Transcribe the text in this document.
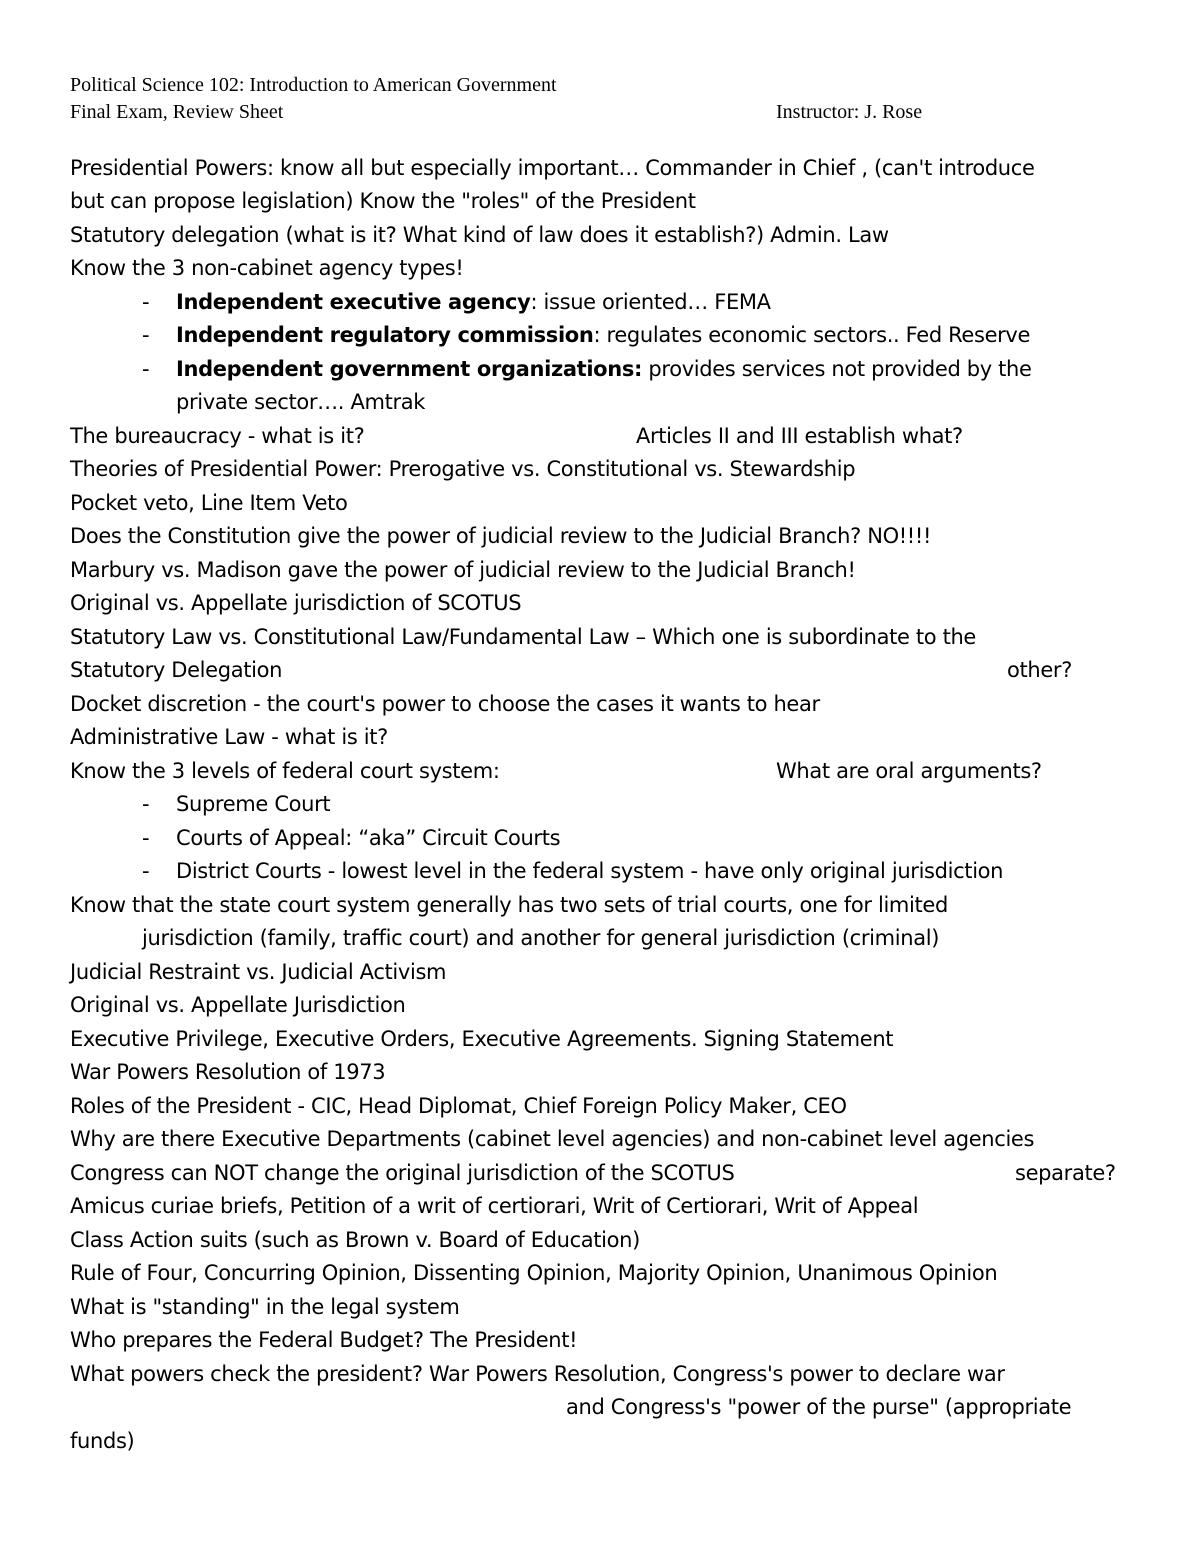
Political Science 102: Introduction to American Government
Final Exam, Review Sheet	Instructor: J. Rose
Presidential Powers: know all but especially important… Commander in Chief , (can't introduce
but can propose legislation) Know the "roles" of the President
Statutory delegation (what is it? What kind of law does it establish?) Admin. Law
Know the 3 non-cabinet agency types!
- Independent executive agency: issue oriented… FEMA
- Independent regulatory commission: regulates economic sectors.. Fed Reserve
- Independent government organizations: provides services not provided by the
private sector…. Amtrak
The bureaucracy - what is it?	Articles II and III establish what?
Theories of Presidential Power: Prerogative vs. Constitutional vs. Stewardship
Pocket veto, Line Item Veto
Does the Constitution give the power of judicial review to the Judicial Branch? NO!!!!
Marbury vs. Madison gave the power of judicial review to the Judicial Branch!
Original vs. Appellate jurisdiction of SCOTUS
Statutory Law vs. Constitutional Law/Fundamental Law – Which one is subordinate to the
Statutory Delegation	other?
Docket discretion - the court's power to choose the cases it wants to hear
Administrative Law - what is it?
Know the 3 levels of federal court system:	What are oral arguments?
- Supreme Court
- Courts of Appeal: “aka” Circuit Courts
- District Courts - lowest level in the federal system - have only original jurisdiction
Know that the state court system generally has two sets of trial courts, one for limited
jurisdiction (family, traffic court) and another for general jurisdiction (criminal)
Judicial Restraint vs. Judicial Activism
Original vs. Appellate Jurisdiction
Executive Privilege, Executive Orders, Executive Agreements. Signing Statement
War Powers Resolution of 1973
Roles of the President - CIC, Head Diplomat, Chief Foreign Policy Maker, CEO
Why are there Executive Departments (cabinet level agencies) and non-cabinet level agencies
Congress can NOT change the original jurisdiction of the SCOTUS	separate?
Amicus curiae briefs, Petition of a writ of certiorari, Writ of Certiorari, Writ of Appeal
Class Action suits (such as Brown v. Board of Education)
Rule of Four, Concurring Opinion, Dissenting Opinion, Majority Opinion, Unanimous Opinion
What is "standing" in the legal system
Who prepares the Federal Budget? The President!
What powers check the president? War Powers Resolution, Congress's power to declare war
and Congress's "power of the purse" (appropriate
funds)
